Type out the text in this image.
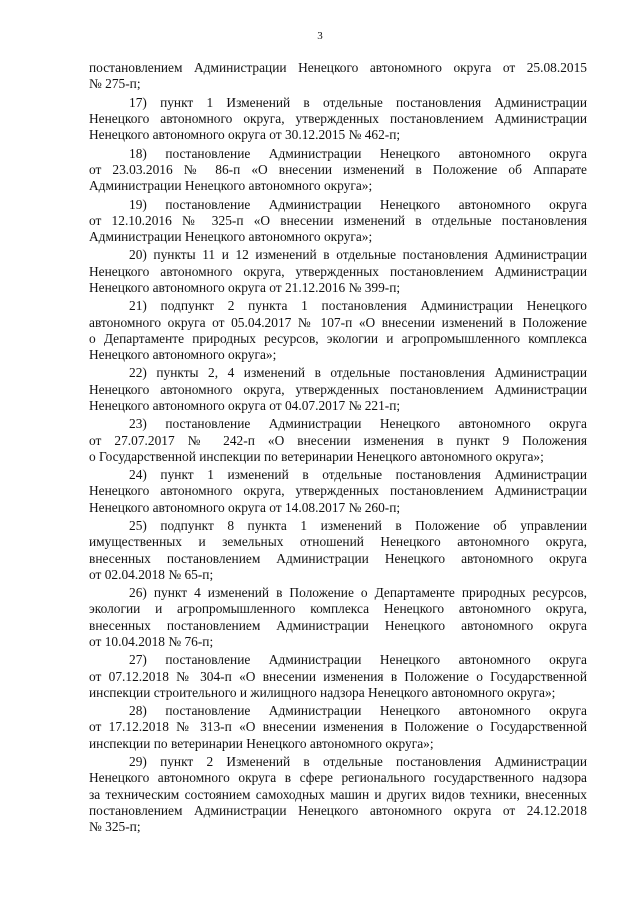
3
постановлением Администрации Ненецкого автономного округа от 25.08.2015
№ 275-п;
17) пункт 1 Изменений в отдельные постановления Администрации
Ненецкого автономного округа, утвержденных постановлением Администрации
Ненецкого автономного округа от 30.12.2015 № 462-п;
18) постановление Администрации Ненецкого автономного округа
от 23.03.2016 № 86-п «О внесении изменений в Положение об Аппарате
Администрации Ненецкого автономного округа»;
19) постановление Администрации Ненецкого автономного округа
от 12.10.2016 № 325-п «О внесении изменений в отдельные постановления
Администрации Ненецкого автономного округа»;
20) пункты 11 и 12 изменений в отдельные постановления Администрации
Ненецкого автономного округа, утвержденных постановлением Администрации
Ненецкого автономного округа от 21.12.2016 № 399-п;
21) подпункт 2 пункта 1 постановления Администрации Ненецкого
автономного округа от 05.04.2017 № 107-п «О внесении изменений в Положение
о Департаменте природных ресурсов, экологии и агропромышленного комплекса
Ненецкого автономного округа»;
22) пункты 2, 4 изменений в отдельные постановления Администрации
Ненецкого автономного округа, утвержденных постановлением Администрации
Ненецкого автономного округа от 04.07.2017 № 221-п;
23) постановление Администрации Ненецкого автономного округа
от 27.07.2017 № 242-п «О внесении изменения в пункт 9 Положения
о Государственной инспекции по ветеринарии Ненецкого автономного округа»;
24) пункт 1 изменений в отдельные постановления Администрации
Ненецкого автономного округа, утвержденных постановлением Администрации
Ненецкого автономного округа от 14.08.2017 № 260-п;
25) подпункт 8 пункта 1 изменений в Положение об управлении
имущественных и земельных отношений Ненецкого автономного округа,
внесенных постановлением Администрации Ненецкого автономного округа
от 02.04.2018 № 65-п;
26) пункт 4 изменений в Положение о Департаменте природных ресурсов,
экологии и агропромышленного комплекса Ненецкого автономного округа,
внесенных постановлением Администрации Ненецкого автономного округа
от 10.04.2018 № 76-п;
27) постановление Администрации Ненецкого автономного округа
от 07.12.2018 № 304-п «О внесении изменения в Положение о Государственной
инспекции строительного и жилищного надзора Ненецкого автономного округа»;
28) постановление Администрации Ненецкого автономного округа
от 17.12.2018 № 313-п «О внесении изменения в Положение о Государственной
инспекции по ветеринарии Ненецкого автономного округа»;
29) пункт 2 Изменений в отдельные постановления Администрации
Ненецкого автономного округа в сфере регионального государственного надзора
за техническим состоянием самоходных машин и других видов техники, внесенных
постановлением Администрации Ненецкого автономного округа от 24.12.2018
№ 325-п;
